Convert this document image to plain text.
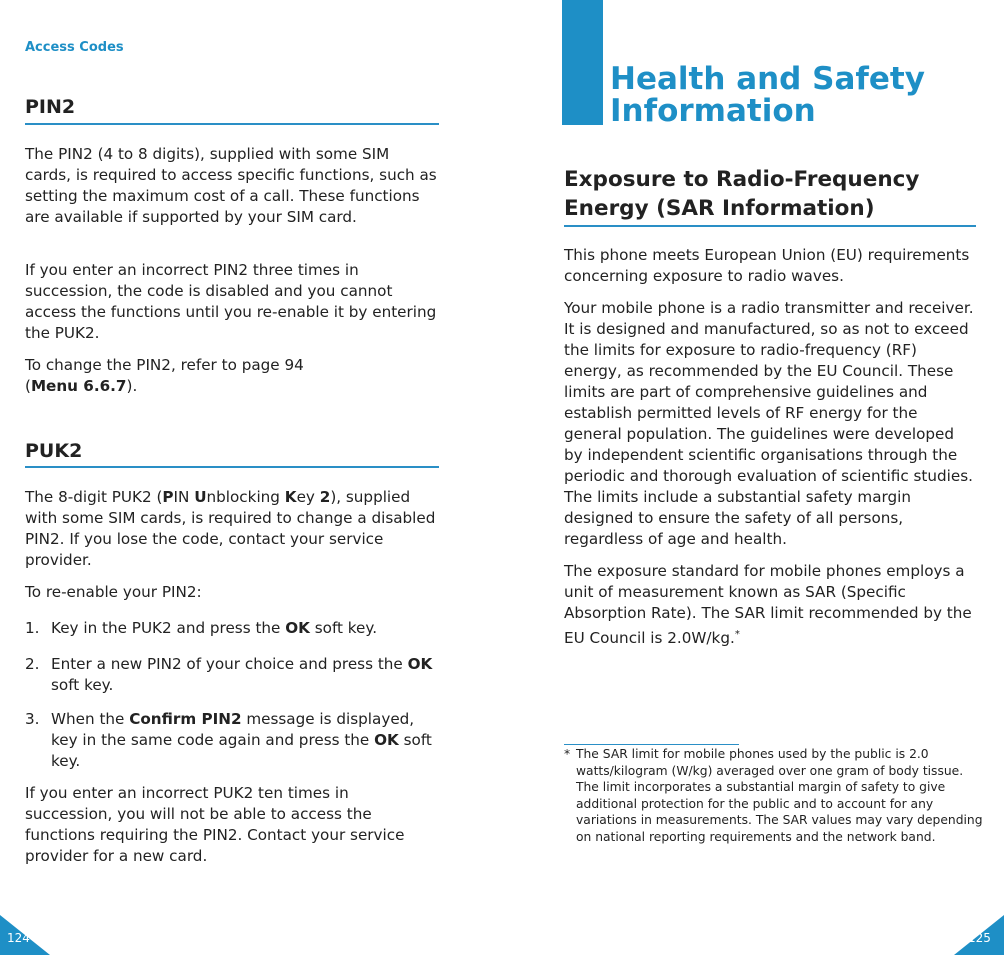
Access Codes
PIN2

The PIN2 (4 to 8 digits), supplied with some SIM cards, is required to access specific functions, such as setting the maximum cost of a call. These functions are available if supported by your SIM card.

If you enter an incorrect PIN2 three times in succession, the code is disabled and you cannot access the functions until you re-enable it by entering the PUK2.

To change the PIN2, refer to page 94
(Menu 6.6.7).

PUK2

The 8-digit PUK2 (PIN Unblocking Key 2), supplied with some SIM cards, is required to change a disabled PIN2. If you lose the code, contact your service provider.

To re-enable your PIN2:

1. Key in the PUK2 and press the OK soft key.
2. Enter a new PIN2 of your choice and press the OK soft key.
3. When the Confirm PIN2 message is displayed, key in the same code again and press the OK soft key.

If you enter an incorrect PUK2 ten times in succession, you will not be able to access the functions requiring the PIN2. Contact your service provider for a new card.

124
Health and Safety
Information
Exposure to Radio-Frequency
Energy (SAR Information)

This phone meets European Union (EU) requirements concerning exposure to radio waves.

Your mobile phone is a radio transmitter and receiver. It is designed and manufactured, so as not to exceed the limits for exposure to radio-frequency (RF) energy, as recommended by the EU Council. These limits are part of comprehensive guidelines and establish permitted levels of RF energy for the general population. The guidelines were developed by independent scientific organisations through the periodic and thorough evaluation of scientific studies. The limits include a substantial safety margin designed to ensure the safety of all persons, regardless of age and health.

The exposure standard for mobile phones employs a unit of measurement known as SAR (Specific Absorption Rate). The SAR limit recommended by the EU Council is 2.0W/kg.*

* The SAR limit for mobile phones used by the public is 2.0 watts/kilogram (W/kg) averaged over one gram of body tissue. The limit incorporates a substantial margin of safety to give additional protection for the public and to account for any variations in measurements. The SAR values may vary depending on national reporting requirements and the network band.
125
